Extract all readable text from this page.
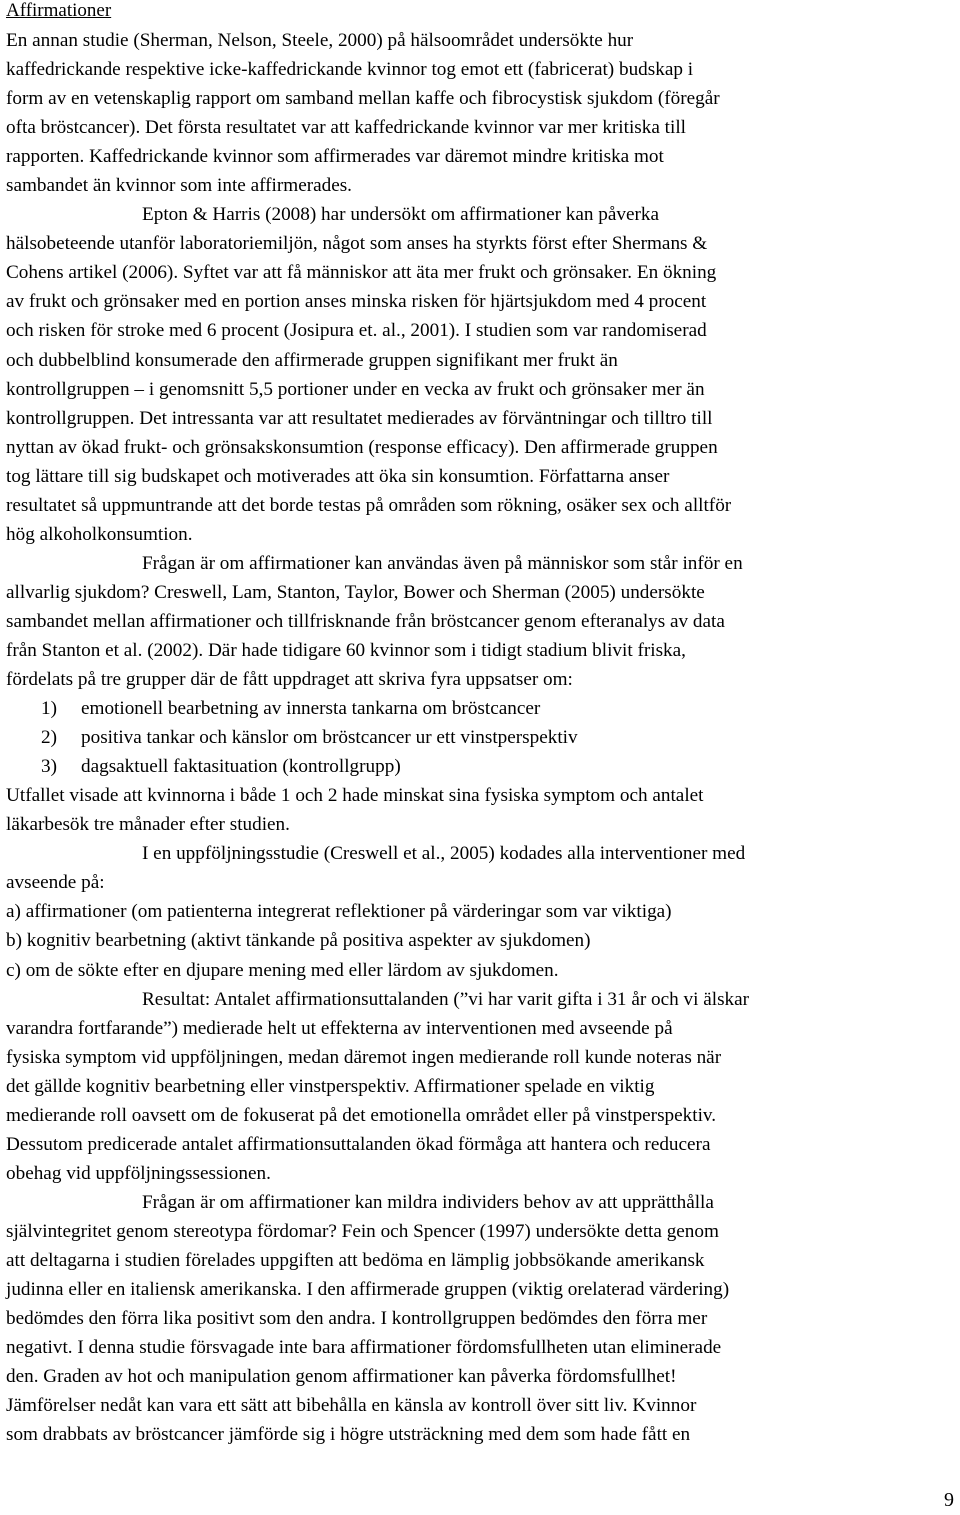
Affirmationer
En annan studie (Sherman, Nelson, Steele, 2000) på hälsoområdet undersökte hur
kaffedrickande respektive icke-kaffedrickande kvinnor tog emot ett (fabricerat) budskap i
form av en vetenskaplig rapport om samband mellan kaffe och fibrocystisk sjukdom (föregår
ofta bröstcancer). Det första resultatet var att kaffedrickande kvinnor var mer kritiska till
rapporten. Kaffedrickande kvinnor som affirmerades var däremot mindre kritiska mot
sambandet än kvinnor som inte affirmerades.
Epton & Harris (2008) har undersökt om affirmationer kan påverka
hälsobeteende utanför laboratoriemiljön, något som anses ha styrkts först efter Shermans &
Cohens artikel (2006). Syftet var att få människor att äta mer frukt och grönsaker. En ökning
av frukt och grönsaker med en portion anses minska risken för hjärtsjukdom med 4 procent
och risken för stroke med 6 procent (Josipura et. al., 2001). I studien som var randomiserad
och dubbelblind konsumerade den affirmerade gruppen signifikant mer frukt än
kontrollgruppen – i genomsnitt 5,5 portioner under en vecka av frukt och grönsaker mer än
kontrollgruppen. Det intressanta var att resultatet medierades av förväntningar och tilltro till
nyttan av ökad frukt- och grönsakskonsumtion (response efficacy). Den affirmerade gruppen
tog lättare till sig budskapet och motiverades att öka sin konsumtion. Författarna anser
resultatet så uppmuntrande att det borde testas på områden som rökning, osäker sex och alltför
hög alkoholkonsumtion.
Frågan är om affirmationer kan användas även på människor som står inför en
allvarlig sjukdom? Creswell, Lam, Stanton, Taylor, Bower och Sherman (2005) undersökte
sambandet mellan affirmationer och tillfrisknande från bröstcancer genom efteranalys av data
från Stanton et al. (2002). Där hade tidigare 60 kvinnor som i tidigt stadium blivit friska,
fördelats på tre grupper där de fått uppdraget att skriva fyra uppsatser om:
1) emotionell bearbetning av innersta tankarna om bröstcancer
2) positiva tankar och känslor om bröstcancer ur ett vinstperspektiv
3) dagsaktuell faktasituation (kontrollgrupp)
Utfallet visade att kvinnorna i både 1 och 2 hade minskat sina fysiska symptom och antalet
läkarbesök tre månader efter studien.
I en uppföljningsstudie (Creswell et al., 2005) kodades alla interventioner med
avseende på:
a) affirmationer (om patienterna integrerat reflektioner på värderingar som var viktiga)
b) kognitiv bearbetning (aktivt tänkande på positiva aspekter av sjukdomen)
c) om de sökte efter en djupare mening med eller lärdom av sjukdomen.
Resultat: Antalet affirmationsuttalanden (”vi har varit gifta i 31 år och vi älskar
varandra fortfarande”) medierade helt ut effekterna av interventionen med avseende på
fysiska symptom vid uppföljningen, medan däremot ingen medierande roll kunde noteras när
det gällde kognitiv bearbetning eller vinstperspektiv. Affirmationer spelade en viktig
medierande roll oavsett om de fokuserat på det emotionella området eller på vinstperspektiv.
Dessutom predicerade antalet affirmationsuttalanden ökad förmåga att hantera och reducera
obehag vid uppföljningssessionen.
Frågan är om affirmationer kan mildra individers behov av att upprätthålla
självintegritet genom stereotypa fördomar? Fein och Spencer (1997) undersökte detta genom
att deltagarna i studien förelades uppgiften att bedöma en lämplig jobbsökande amerikansk
judinna eller en italiensk amerikanska. I den affirmerade gruppen (viktig orelaterad värdering)
bedömdes den förra lika positivt som den andra. I kontrollgruppen bedömdes den förra mer
negativt. I denna studie försvagade inte bara affirmationer fördomsfullheten utan eliminerade
den. Graden av hot och manipulation genom affirmationer kan påverka fördomsfullhet!
Jämförelser nedåt kan vara ett sätt att bibehålla en känsla av kontroll över sitt liv. Kvinnor
som drabbats av bröstcancer jämförde sig i högre utsträckning med dem som hade fått en
9
